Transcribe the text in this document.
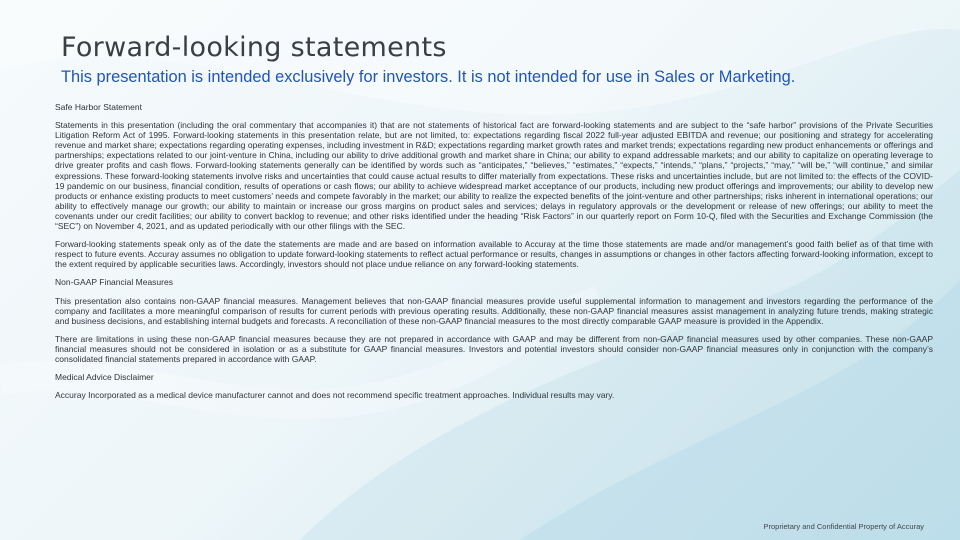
Forward-looking statements
This presentation is intended exclusively for investors. It is not intended for use in Sales or Marketing.

Safe Harbor Statement

Statements in this presentation (including the oral commentary that accompanies it) that are not statements of historical fact are forward-looking statements and are subject to the “safe harbor” provisions of the Private Securities Litigation Reform Act of 1995. Forward-looking statements in this presentation relate, but are not limited, to: expectations regarding fiscal 2022 full-year adjusted EBITDA and revenue; our positioning and strategy for accelerating revenue and market share; expectations regarding operating expenses, including investment in R&D; expectations regarding market growth rates and market trends; expectations regarding new product enhancements or offerings and partnerships; expectations related to our joint-venture in China, including our ability to drive additional growth and market share in China; our ability to expand addressable markets; and our ability to capitalize on operating leverage to drive greater profits and cash flows. Forward-looking statements generally can be identified by words such as “anticipates,” “believes,” “estimates,” “expects,” “intends,” “plans,” “projects,” “may,” “will be,” “will continue,” and similar expressions. These forward-looking statements involve risks and uncertainties that could cause actual results to differ materially from expectations. These risks and uncertainties include, but are not limited to: the effects of the COVID-19 pandemic on our business, financial condition, results of operations or cash flows; our ability to achieve widespread market acceptance of our products, including new product offerings and improvements; our ability to develop new products or enhance existing products to meet customers’ needs and compete favorably in the market; our ability to realize the expected benefits of the joint-venture and other partnerships; risks inherent in international operations; our ability to effectively manage our growth; our ability to maintain or increase our gross margins on product sales and services; delays in regulatory approvals or the development or release of new offerings; our ability to meet the covenants under our credit facilities; our ability to convert backlog to revenue; and other risks identified under the heading “Risk Factors” in our quarterly report on Form 10-Q, filed with the Securities and Exchange Commission (the “SEC”) on November 4, 2021, and as updated periodically with our other filings with the SEC.

Forward-looking statements speak only as of the date the statements are made and are based on information available to Accuray at the time those statements are made and/or management’s good faith belief as of that time with respect to future events. Accuray assumes no obligation to update forward-looking statements to reflect actual performance or results, changes in assumptions or changes in other factors affecting forward-looking information, except to the extent required by applicable securities laws. Accordingly, investors should not place undue reliance on any forward-looking statements.

Non-GAAP Financial Measures

This presentation also contains non-GAAP financial measures. Management believes that non-GAAP financial measures provide useful supplemental information to management and investors regarding the performance of the company and facilitates a more meaningful comparison of results for current periods with previous operating results. Additionally, these non-GAAP financial measures assist management in analyzing future trends, making strategic and business decisions, and establishing internal budgets and forecasts. A reconciliation of these non-GAAP financial measures to the most directly comparable GAAP measure is provided in the Appendix.

There are limitations in using these non-GAAP financial measures because they are not prepared in accordance with GAAP and may be different from non-GAAP financial measures used by other companies. These non-GAAP financial measures should not be considered in isolation or as a substitute for GAAP financial measures. Investors and potential investors should consider non-GAAP financial measures only in conjunction with the company’s consolidated financial statements prepared in accordance with GAAP.

Medical Advice Disclaimer

Accuray Incorporated as a medical device manufacturer cannot and does not recommend specific treatment approaches. Individual results may vary.

Proprietary and Confidential Property of Accuray
